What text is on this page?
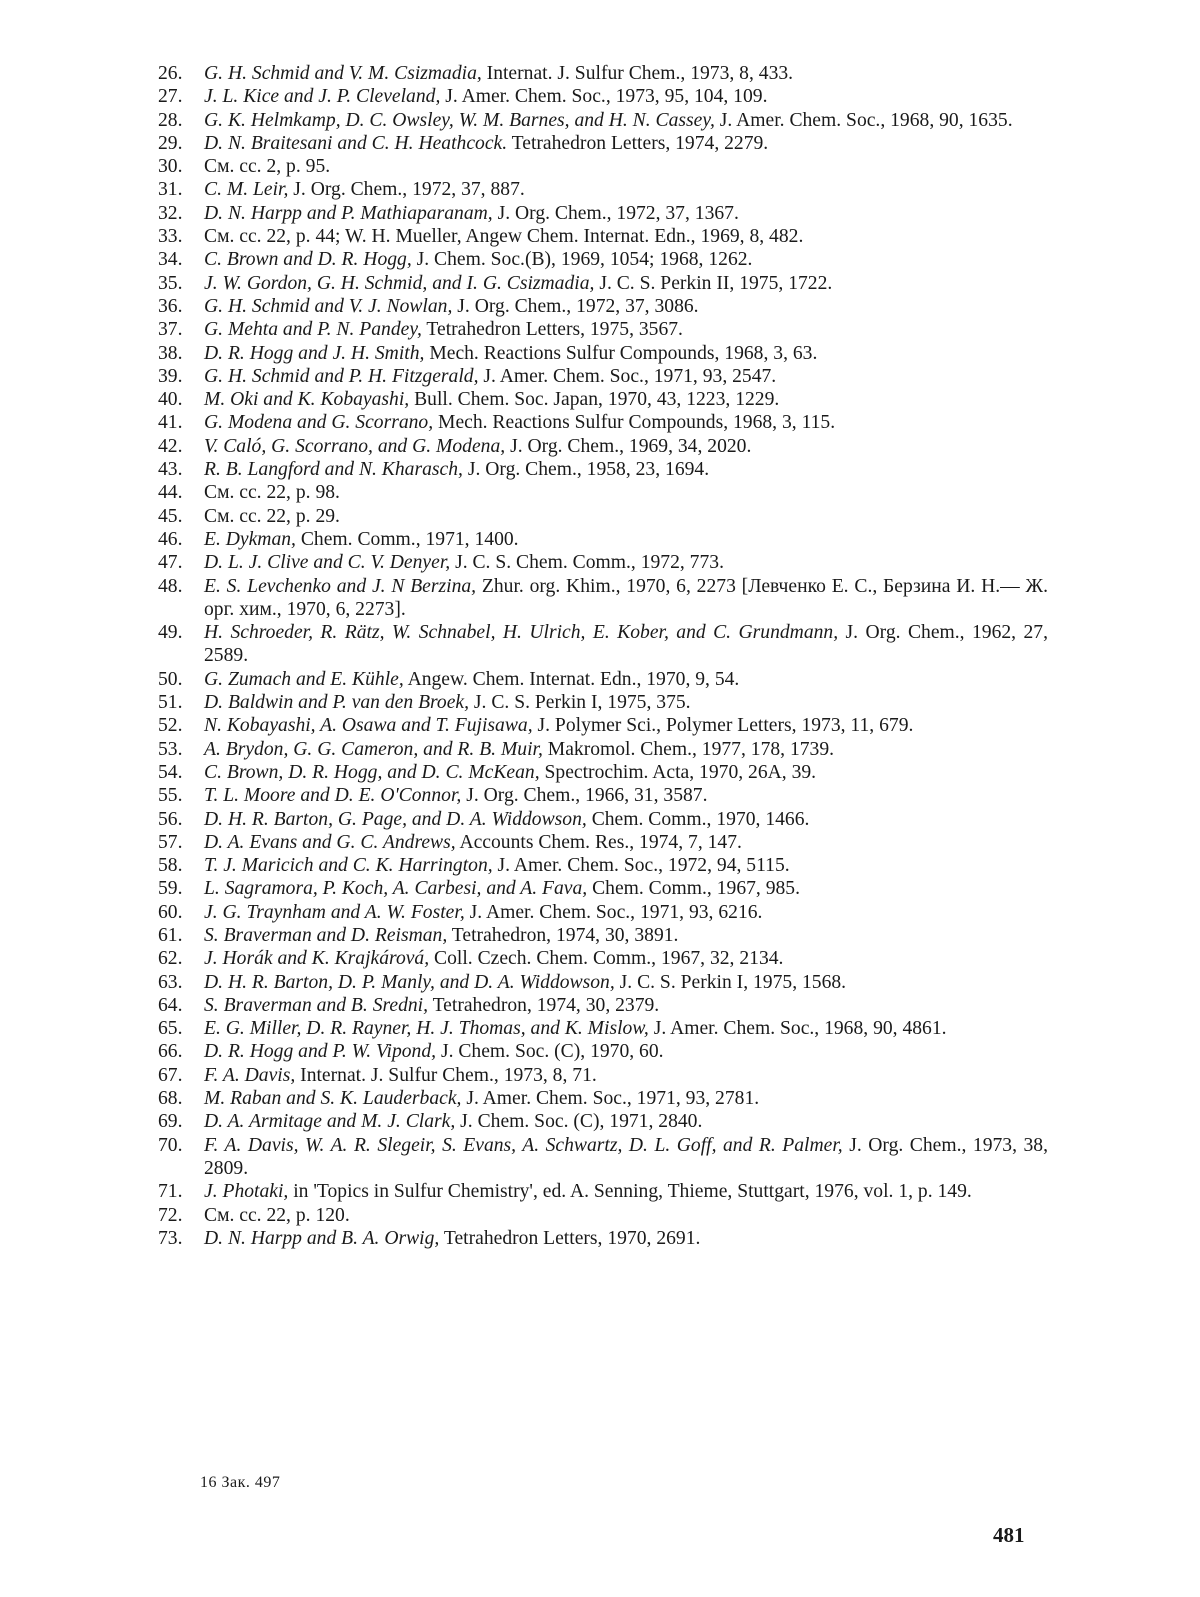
26.	G. H. Schmid and V. M. Csizmadia, Internat. J. Sulfur Chem., 1973, 8, 433.
27.	J. L. Kice and J. P. Cleveland, J. Amer. Chem. Soc., 1973, 95, 104, 109.
28.	G. K. Helmkamp, D. C. Owsley, W. M. Barnes, and H. N. Cassey, J. Amer. Chem. Soc., 1968, 90, 1635.
29.	D. N. Braitesani and C. H. Heathcock. Tetrahedron Letters, 1974, 2279.
30.	См. cc. 2, p. 95.
31.	C. M. Leir, J. Org. Chem., 1972, 37, 887.
32.	D. N. Harpp and P. Mathiaparanam, J. Org. Chem., 1972, 37, 1367.
33.	См. cc. 22, p. 44; W. H. Mueller, Angew Chem. Internat. Edn., 1969, 8, 482.
34.	C. Brown and D. R. Hogg, J. Chem. Soc.(B), 1969, 1054; 1968, 1262.
35.	J. W. Gordon, G. H. Schmid, and I. G. Csizmadia, J. C. S. Perkin II, 1975, 1722.
36.	G. H. Schmid and V. J. Nowlan, J. Org. Chem., 1972, 37, 3086.
37.	G. Mehta and P. N. Pandey, Tetrahedron Letters, 1975, 3567.
38.	D. R. Hogg and J. H. Smith, Mech. Reactions Sulfur Compounds, 1968, 3, 63.
39.	G. H. Schmid and P. H. Fitzgerald, J. Amer. Chem. Soc., 1971, 93, 2547.
40.	M. Oki and K. Kobayashi, Bull. Chem. Soc. Japan, 1970, 43, 1223, 1229.
41.	G. Modena and G. Scorrano, Mech. Reactions Sulfur Compounds, 1968, 3, 115.
42.	V. Caló, G. Scorrano, and G. Modena, J. Org. Chem., 1969, 34, 2020.
43.	R. B. Langford and N. Kharasch, J. Org. Chem., 1958, 23, 1694.
44.	См. cc. 22, p. 98.
45.	См. cc. 22, p. 29.
46.	E. Dykman, Chem. Comm., 1971, 1400.
47.	D. L. J. Clive and C. V. Denyer, J. C. S. Chem. Comm., 1972, 773.
48.	E. S. Levchenko and J. N Berzina, Zhur. org. Khim., 1970, 6, 2273 [Левченко Е. С., Берзина И. Н.— Ж. орг. хим., 1970, 6, 2273].
49.	H. Schroeder, R. Rätz, W. Schnabel, H. Ulrich, E. Kober, and C. Grundmann, J. Org. Chem., 1962, 27, 2589.
50.	G. Zumach and E. Kühle, Angew. Chem. Internat. Edn., 1970, 9, 54.
51.	D. Baldwin and P. van den Broek, J. C. S. Perkin I, 1975, 375.
52.	N. Kobayashi, A. Osawa and T. Fujisawa, J. Polymer Sci., Polymer Letters, 1973, 11, 679.
53.	A. Brydon, G. G. Cameron, and R. B. Muir, Makromol. Chem., 1977, 178, 1739.
54.	C. Brown, D. R. Hogg, and D. C. McKean, Spectrochim. Acta, 1970, 26A, 39.
55.	T. L. Moore and D. E. O'Connor, J. Org. Chem., 1966, 31, 3587.
56.	D. H. R. Barton, G. Page, and D. A. Widdowson, Chem. Comm., 1970, 1466.
57.	D. A. Evans and G. C. Andrews, Accounts Chem. Res., 1974, 7, 147.
58.	T. J. Maricich and C. K. Harrington, J. Amer. Chem. Soc., 1972, 94, 5115.
59.	L. Sagramora, P. Koch, A. Carbesi, and A. Fava, Chem. Comm., 1967, 985.
60.	J. G. Traynham and A. W. Foster, J. Amer. Chem. Soc., 1971, 93, 6216.
61.	S. Braverman and D. Reisman, Tetrahedron, 1974, 30, 3891.
62.	J. Horák and K. Krajkárová, Coll. Czech. Chem. Comm., 1967, 32, 2134.
63.	D. H. R. Barton, D. P. Manly, and D. A. Widdowson, J. C. S. Perkin I, 1975, 1568.
64.	S. Braverman and B. Sredni, Tetrahedron, 1974, 30, 2379.
65.	E. G. Miller, D. R. Rayner, H. J. Thomas, and K. Mislow, J. Amer. Chem. Soc., 1968, 90, 4861.
66.	D. R. Hogg and P. W. Vipond, J. Chem. Soc. (C), 1970, 60.
67.	F. A. Davis, Internat. J. Sulfur Chem., 1973, 8, 71.
68.	M. Raban and S. K. Lauderback, J. Amer. Chem. Soc., 1971, 93, 2781.
69.	D. A. Armitage and M. J. Clark, J. Chem. Soc. (C), 1971, 2840.
70.	F. A. Davis, W. A. R. Slegeir, S. Evans, A. Schwartz, D. L. Goff, and R. Palmer, J. Org. Chem., 1973, 38, 2809.
71.	J. Photaki, in 'Topics in Sulfur Chemistry', ed. A. Senning, Thieme, Stuttgart, 1976, vol. 1, p. 149.
72.	См. cc. 22, p. 120.
73.	D. N. Harpp and B. A. Orwig, Tetrahedron Letters, 1970, 2691.
16 Зак. 497
481
